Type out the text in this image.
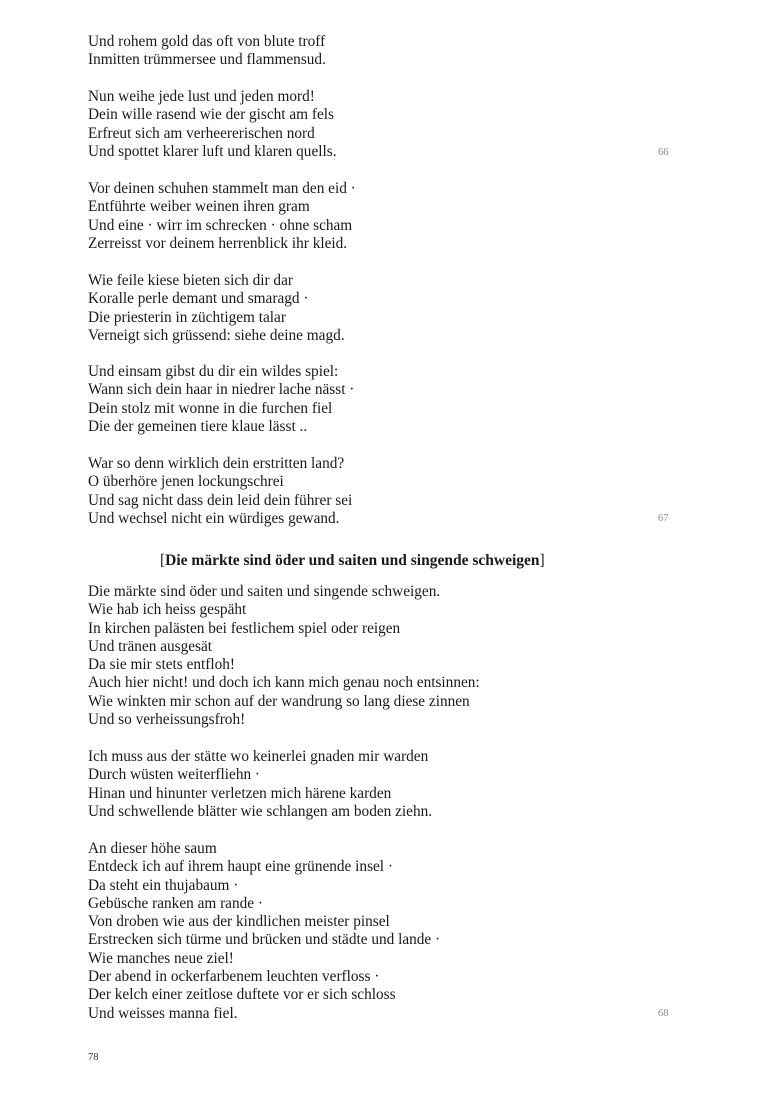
Und rohem gold das oft von blute troff
Inmitten trümmersee und flammensud.
Nun weihe jede lust und jeden mord!
Dein wille rasend wie der gischt am fels
Erfreut sich am verheererischen nord
Und spottet klarer luft und klaren quells.
Vor deinen schuhen stammelt man den eid ·
Entführte weiber weinen ihren gram
Und eine · wirr im schrecken · ohne scham
Zerreisst vor deinem herrenblick ihr kleid.
Wie feile kiese bieten sich dir dar
Koralle perle demant und smaragd ·
Die priesterin in züchtigem talar
Verneigt sich grüssend: siehe deine magd.
Und einsam gibst du dir ein wildes spiel:
Wann sich dein haar in niedrer lache nässt ·
Dein stolz mit wonne in die furchen fiel
Die der gemeinen tiere klaue lässt ..
War so denn wirklich dein erstritten land?
O überhöre jenen lockungschrei
Und sag nicht dass dein leid dein führer sei
Und wechsel nicht ein würdiges gewand.
[Die märkte sind öder und saiten und singende schweigen]
Die märkte sind öder und saiten und singende schweigen.
Wie hab ich heiss gespäht
In kirchen palästen bei festlichem spiel oder reigen
Und tränen ausgesät
Da sie mir stets entfloh!
Auch hier nicht! und doch ich kann mich genau noch entsinnen:
Wie winkten mir schon auf der wandrung so lang diese zinnen
Und so verheissungsfroh!
Ich muss aus der stätte wo keinerlei gnaden mir warden
Durch wüsten weiterfliehn ·
Hinan und hinunter verletzen mich härene karden
Und schwellende blätter wie schlangen am boden ziehn.
An dieser höhe saum
Entdeck ich auf ihrem haupt eine grünende insel ·
Da steht ein thujabaum ·
Gebüsche ranken am rande ·
Von droben wie aus der kindlichen meister pinsel
Erstrecken sich türme und brücken und städte und lande ·
Wie manches neue ziel!
Der abend in ockerfarbenem leuchten verfloss ·
Der kelch einer zeitlose duftete vor er sich schloss
Und weisses manna fiel.
66
67
68
78
